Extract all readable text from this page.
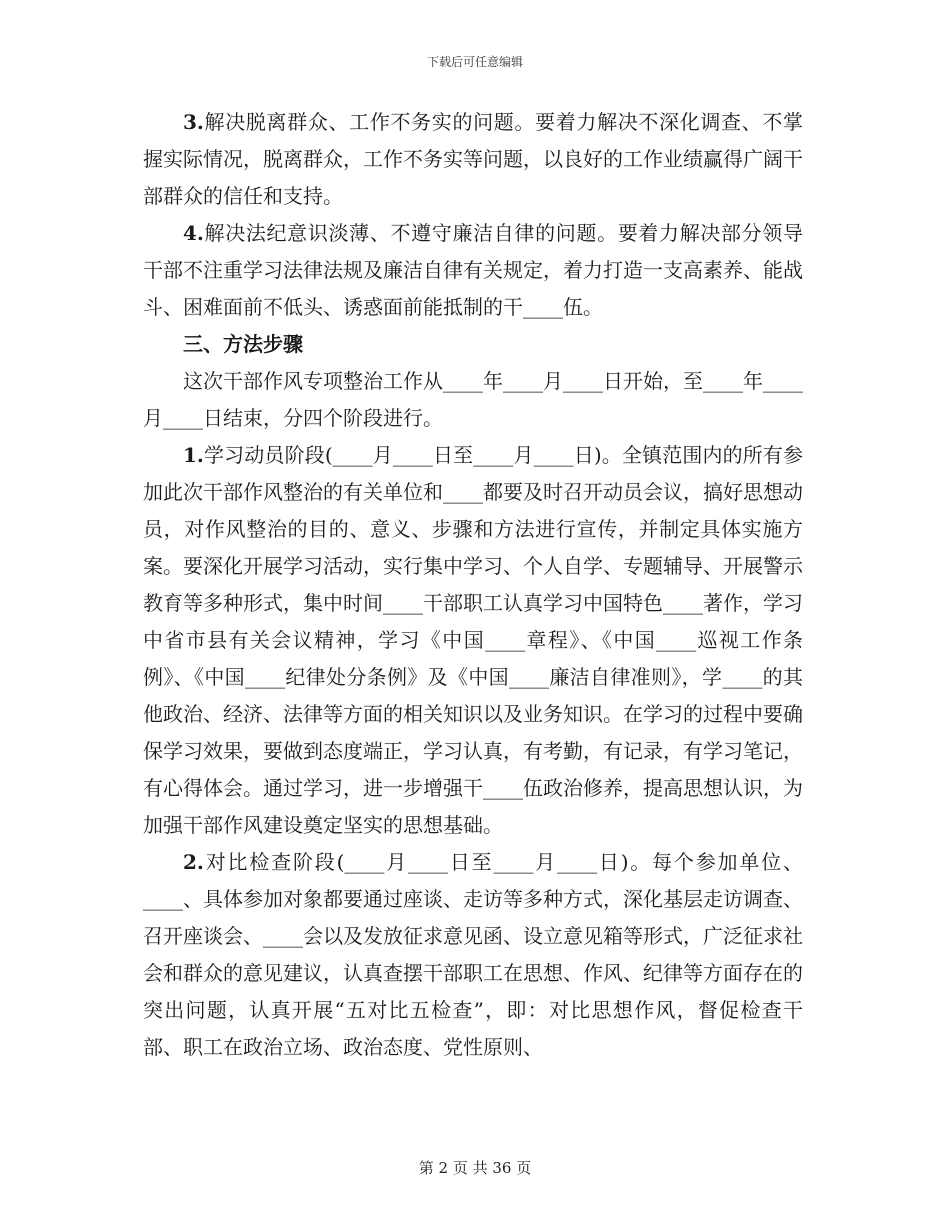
下载后可任意编辑

3.解决脱离群众、工作不务实的问题。要着力解决不深化调查、不掌握实际情况，脱离群众，工作不务实等问题，以良好的工作业绩赢得广阔干部群众的信任和支持。

4.解决法纪意识淡薄、不遵守廉洁自律的问题。要着力解决部分领导干部不注重学习法律法规及廉洁自律有关规定，着力打造一支高素养、能战斗、困难面前不低头、诱惑面前能抵制的干____伍。

三、方法步骤

这次干部作风专项整治工作从____年____月____日开始，至____年____月____日结束，分四个阶段进行。

1.学习动员阶段(____月____日至____月____日)。全镇范围内的所有参加此次干部作风整治的有关单位和____都要及时召开动员会议，搞好思想动员，对作风整治的目的、意义、步骤和方法进行宣传，并制定具体实施方案。要深化开展学习活动，实行集中学习、个人自学、专题辅导、开展警示教育等多种形式，集中时间____干部职工认真学习中国特色____著作，学习中省市县有关会议精神，学习《中国____章程》、《中国____巡视工作条例》、《中国____纪律处分条例》及《中国____廉洁自律准则》，学____的其他政治、经济、法律等方面的相关知识以及业务知识。在学习的过程中要确保学习效果，要做到态度端正，学习认真，有考勤，有记录，有学习笔记，有心得体会。通过学习，进一步增强干____伍政治修养，提高思想认识，为加强干部作风建设奠定坚实的思想基础。

2.对比检查阶段(____月____日至____月____日)。每个参加单位、____、具体参加对象都要通过座谈、走访等多种方式，深化基层走访调查、召开座谈会、____会以及发放征求意见函、设立意见箱等形式，广泛征求社会和群众的意见建议，认真查摆干部职工在思想、作风、纪律等方面存在的突出问题，认真开展“五对比五检查”，即：对比思想作风，督促检查干部、职工在政治立场、政治态度、党性原则、

第 2 页 共 36 页
